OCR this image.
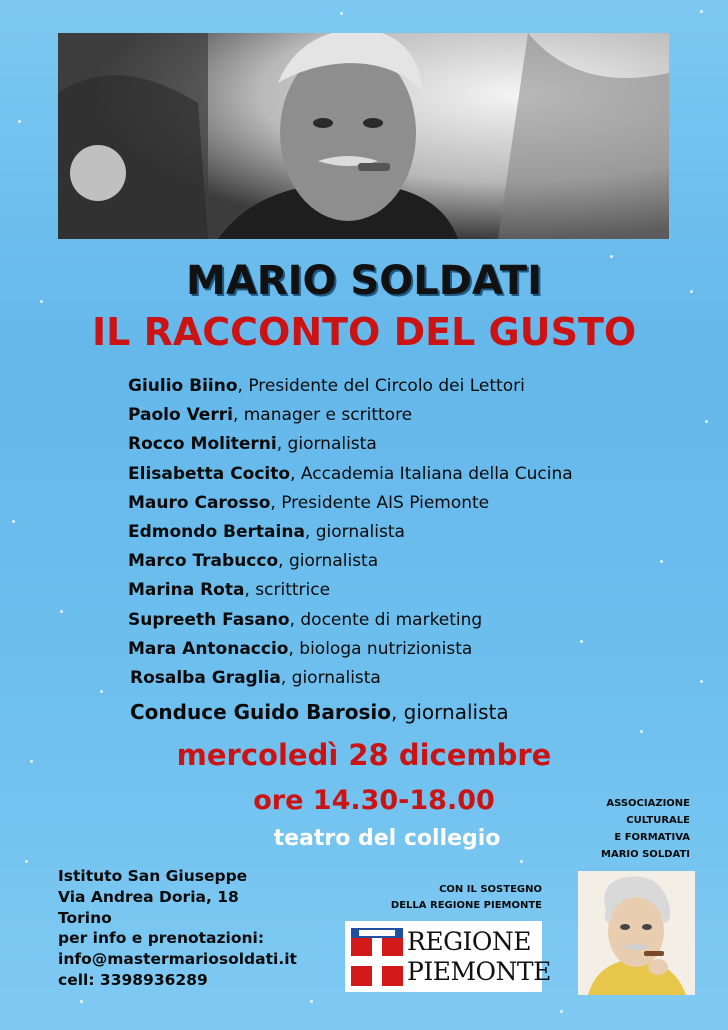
MARIO SOLDATI
IL RACCONTO DEL GUSTO
Giulio Biino, Presidente del Circolo dei Lettori
Paolo Verri, manager e scrittore
Rocco Moliterni, giornalista
Elisabetta Cocito, Accademia Italiana della Cucina
Mauro Carosso, Presidente AIS Piemonte
Edmondo Bertaina, giornalista
Marco Trabucco, giornalista
Marina Rota, scrittrice
Supreeth Fasano, docente di marketing
Mara Antonaccio, biologa nutrizionista
Rosalba Graglia, giornalista
Conduce Guido Barosio, giornalista
mercoledì 28 dicembre
ore 14.30-18.00
teatro del collegio
Istituto San Giuseppe
Via Andrea Doria, 18
Torino
per info e prenotazioni:
info@mastermariosoldati.it
cell: 3398936289
CON IL SOSTEGNO
DELLA REGIONE PIEMONTE
REGIONE
PIEMONTE
ASSOCIAZIONE
CULTURALE
E FORMATIVA
MARIO SOLDATI
